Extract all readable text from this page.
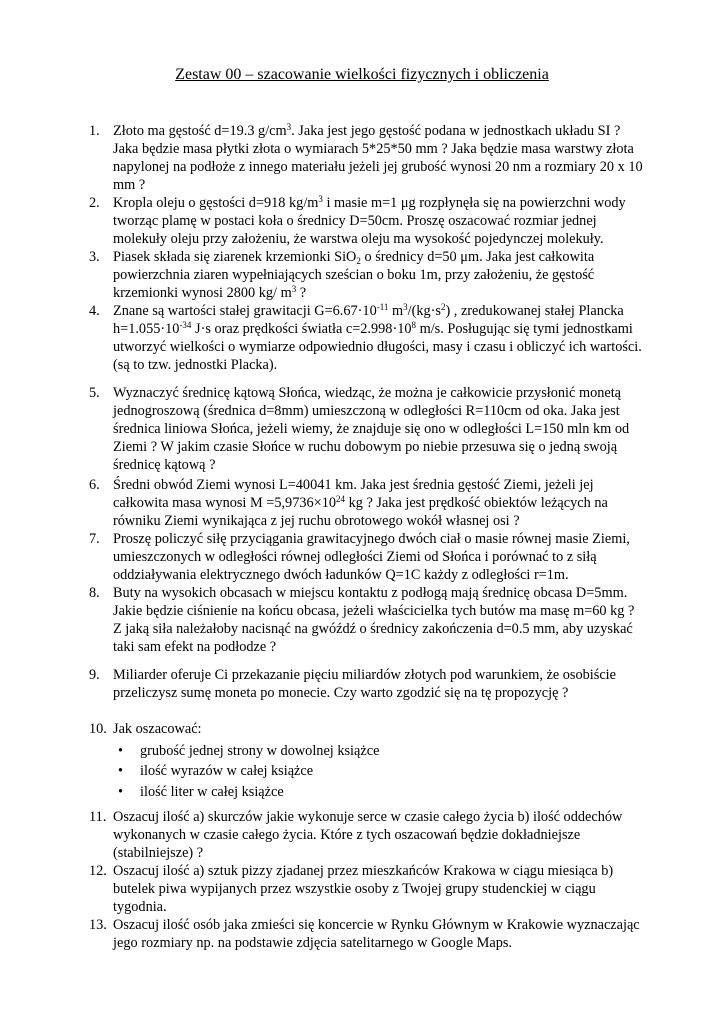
Zestaw 00 – szacowanie wielkości fizycznych i obliczenia
1. Złoto ma gęstość d=19.3 $g/cm^3$. Jaka jest jego gęstość podana w jednostkach układu SI ?
Jaka będzie masa płytki złota o wymiarach 5*25*50 mm ? Jaka będzie masa warstwy złota
napylonej na podłoże z innego materiału jeżeli jej grubość wynosi 20 nm a rozmiary 20 x 10
mm ?
2. Kropla oleju o gęstości d=918 $kg/m^3$ i masie m=1 μg rozpłynęła się na powierzchni wody
tworząc plamę w postaci koła o średnicy D=50cm. Proszę oszacować rozmiar jednej
molekuły oleju przy założeniu, że warstwa oleju ma wysokość pojedynczej molekuły.
3. Piasek składa się ziarenek krzemionki SiO$_2$ o średnicy d=50 μm. Jaka jest całkowita
powierzchnia ziaren wypełniających sześcian o boku 1m, przy założeniu, że gęstość
krzemionki wynosi 2800 kg/ $m^3$ ?
4. Znane są wartości stałej grawitacji $G=6.67\cdot 10^{-11}$ $m^3/(kg\cdot s^2)$ , zredukowanej stałej Plancka
$h=1.055\cdot 10^{-34}$ J·s oraz prędkości światła $c=2.998\cdot 10^8$ m/s. Posługując się tymi jednostkami
utworzyć wielkości o wymiarze odpowiednio długości, masy i czasu i obliczyć ich wartości.
(są to tzw. jednostki Placka).
5. Wyznaczyć średnicę kątową Słońca, wiedząc, że można je całkowicie przysłonić monetą
jednogroszową (średnica d=8mm) umieszczoną w odległości R=110cm od oka. Jaka jest
średnica liniowa Słońca, jeżeli wiemy, że znajduje się ono w odległości L=150 mln km od
Ziemi ? W jakim czasie Słońce w ruchu dobowym po niebie przesuwa się o jedną swoją
średnicę kątową ?
6. Średni obwód Ziemi wynosi L=40041 km. Jaka jest średnia gęstość Ziemi, jeżeli jej
całkowita masa wynosi $M =5,9736\times 10^{24}$ kg ? Jaka jest prędkość obiektów leżących na
równiku Ziemi wynikająca z jej ruchu obrotowego wokół własnej osi ?
7. Proszę policzyć siłę przyciągania grawitacyjnego dwóch ciał o masie równej masie Ziemi,
umieszczonych w odległości równej odległości Ziemi od Słońca i porównać to z siłą
oddziaływania elektrycznego dwóch ładunków Q=1C każdy z odległości r=1m.
8. Buty na wysokich obcasach w miejscu kontaktu z podłogą mają średnicę obcasa D=5mm.
Jakie będzie ciśnienie na końcu obcasa, jeżeli właścicielka tych butów ma masę m=60 kg ?
Z jaką siła należałoby nacisnąć na gwóźdź o średnicy zakończenia d=0.5 mm, aby uzyskać
taki sam efekt na podłodze ?
9. Miliarder oferuje Ci przekazanie pięciu miliardów złotych pod warunkiem, że osobiście
przeliczysz sumę moneta po monecie. Czy warto zgodzić się na tę propozycję ?
10. Jak oszacować:
11. Oszacuj ilość a) skurczów jakie wykonuje serce w czasie całego życia b) ilość oddechów
wykonanych w czasie całego życia. Które z tych oszacowań będzie dokładniejsze
(stabilniejsze) ?
12. Oszacuj ilość a) sztuk pizzy zjadanej przez mieszkańców Krakowa w ciągu miesiąca b)
butelek piwa wypijanych przez wszystkie osoby z Twojej grupy studenckiej w ciągu
tygodnia.
13. Oszacuj ilość osób jaka zmieści się koncercie w Rynku Głównym w Krakowie wyznaczając
jego rozmiary np. na podstawie zdjęcia satelitarnego w Google Maps.
• grubość jednej strony w dowolnej książce
• ilość wyrazów w całej książce
• ilość liter w całej książce
